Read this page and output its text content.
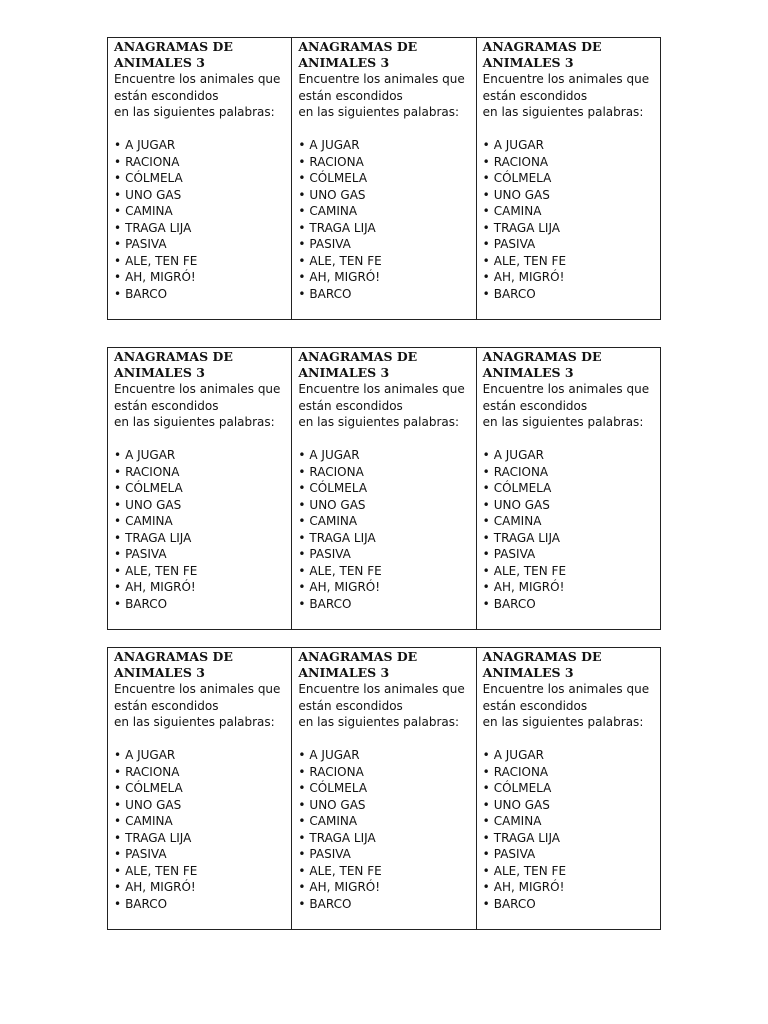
ANAGRAMAS DE ANIMALES 3
Encuentre los animales que
están escondidos
en las siguientes palabras:
• A JUGAR
• RACIONA
• CÓLMELA
• UNO GAS
• CAMINA
• TRAGA LIJA
• PASIVA
• ALE, TEN FE
• AH, MIGRÓ!
• BARCO
ANAGRAMAS DE ANIMALES 3
Encuentre los animales que
están escondidos
en las siguientes palabras:
• A JUGAR
• RACIONA
• CÓLMELA
• UNO GAS
• CAMINA
• TRAGA LIJA
• PASIVA
• ALE, TEN FE
• AH, MIGRÓ!
• BARCO
ANAGRAMAS DE ANIMALES 3
Encuentre los animales que
están escondidos
en las siguientes palabras:
• A JUGAR
• RACIONA
• CÓLMELA
• UNO GAS
• CAMINA
• TRAGA LIJA
• PASIVA
• ALE, TEN FE
• AH, MIGRÓ!
• BARCO
ANAGRAMAS DE ANIMALES 3
Encuentre los animales que
están escondidos
en las siguientes palabras:
• A JUGAR
• RACIONA
• CÓLMELA
• UNO GAS
• CAMINA
• TRAGA LIJA
• PASIVA
• ALE, TEN FE
• AH, MIGRÓ!
• BARCO
ANAGRAMAS DE ANIMALES 3
Encuentre los animales que
están escondidos
en las siguientes palabras:
• A JUGAR
• RACIONA
• CÓLMELA
• UNO GAS
• CAMINA
• TRAGA LIJA
• PASIVA
• ALE, TEN FE
• AH, MIGRÓ!
• BARCO
ANAGRAMAS DE ANIMALES 3
Encuentre los animales que
están escondidos
en las siguientes palabras:
• A JUGAR
• RACIONA
• CÓLMELA
• UNO GAS
• CAMINA
• TRAGA LIJA
• PASIVA
• ALE, TEN FE
• AH, MIGRÓ!
• BARCO
ANAGRAMAS DE ANIMALES 3
Encuentre los animales que
están escondidos
en las siguientes palabras:
• A JUGAR
• RACIONA
• CÓLMELA
• UNO GAS
• CAMINA
• TRAGA LIJA
• PASIVA
• ALE, TEN FE
• AH, MIGRÓ!
• BARCO
ANAGRAMAS DE ANIMALES 3
Encuentre los animales que
están escondidos
en las siguientes palabras:
• A JUGAR
• RACIONA
• CÓLMELA
• UNO GAS
• CAMINA
• TRAGA LIJA
• PASIVA
• ALE, TEN FE
• AH, MIGRÓ!
• BARCO
ANAGRAMAS DE ANIMALES 3
Encuentre los animales que
están escondidos
en las siguientes palabras:
• A JUGAR
• RACIONA
• CÓLMELA
• UNO GAS
• CAMINA
• TRAGA LIJA
• PASIVA
• ALE, TEN FE
• AH, MIGRÓ!
• BARCO
